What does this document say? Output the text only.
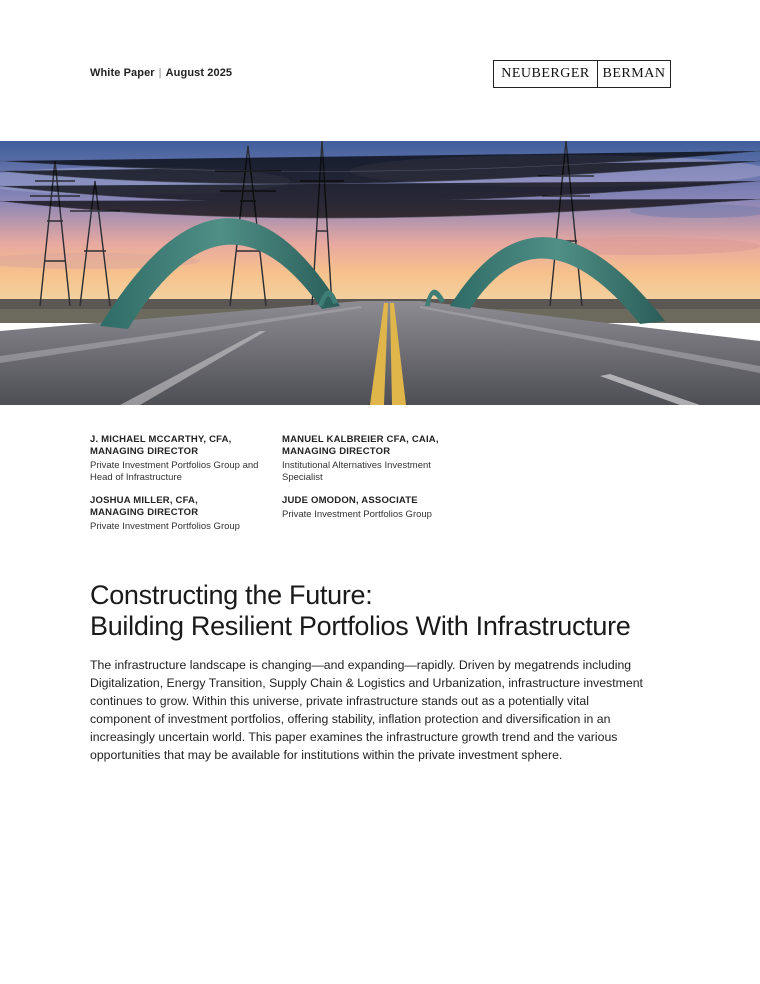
White Paper | August 2025	NEUBERGER BERMAN
J. MICHAEL MCCARTHY, CFA,
MANAGING DIRECTOR
Private Investment Portfolios Group and
Head of Infrastructure
MANUEL KALBREIER CFA, CAIA,
MANAGING DIRECTOR
Institutional Alternatives Investment
Specialist
JOSHUA MILLER, CFA,
MANAGING DIRECTOR
Private Investment Portfolios Group
JUDE OMODON, ASSOCIATE
Private Investment Portfolios Group
Constructing the Future:
Building Resilient Portfolios With Infrastructure

The infrastructure landscape is changing—and expanding—rapidly. Driven by megatrends including Digitalization, Energy Transition, Supply Chain & Logistics and Urbanization, infrastructure investment continues to grow. Within this universe, private infrastructure stands out as a potentially vital component of investment portfolios, offering stability, inflation protection and diversification in an increasingly uncertain world. This paper examines the infrastructure growth trend and the various opportunities that may be available for institutions within the private investment sphere.
